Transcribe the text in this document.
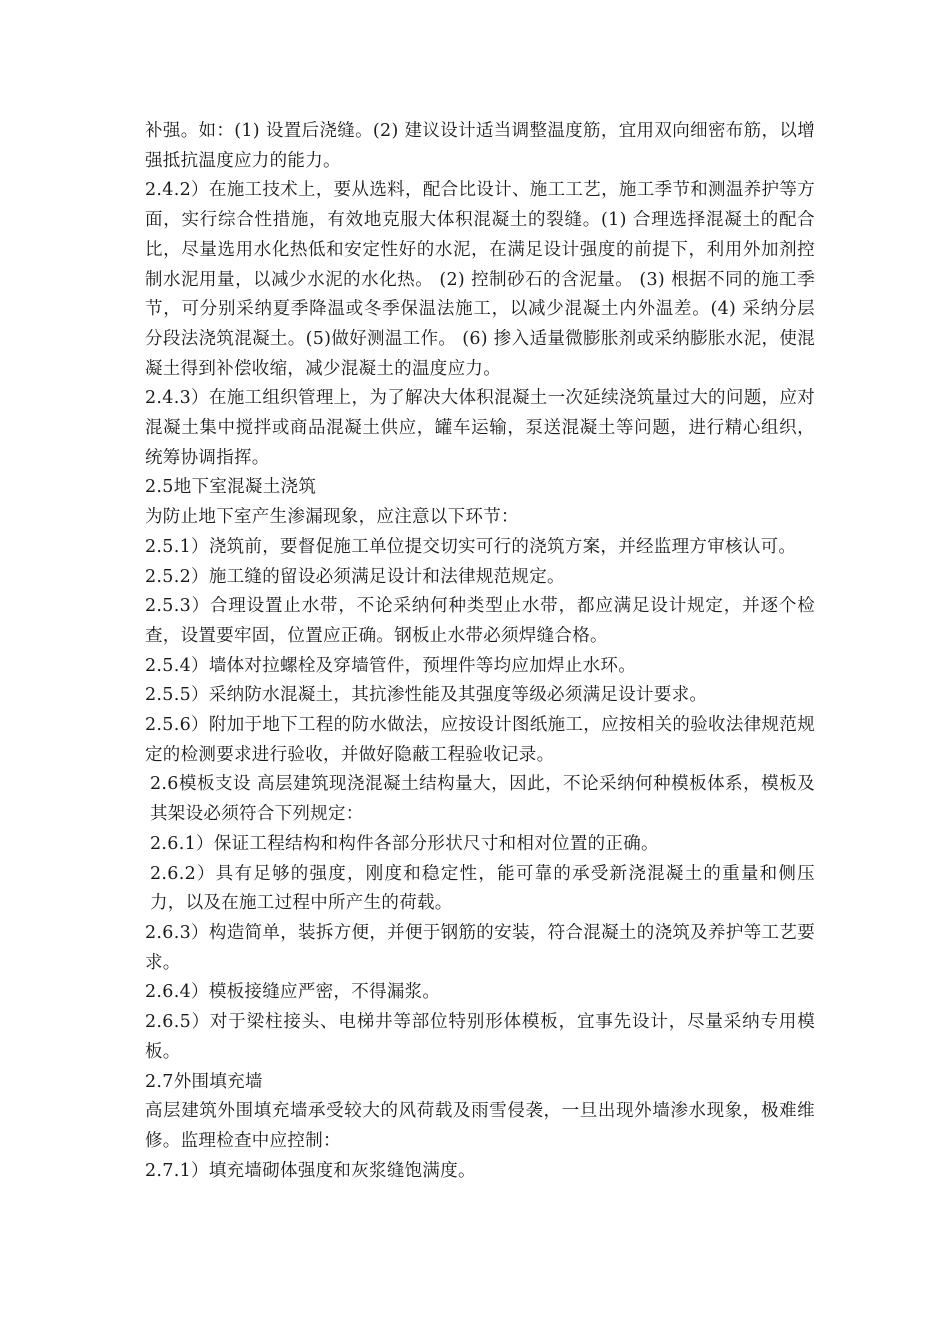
补强。如：(1) 设置后浇缝。(2) 建议设计适当调整温度筋，宜用双向细密布筋，以增强抵抗温度应力的能力。

2.4.2）在施工技术上，要从选料，配合比设计、施工工艺，施工季节和测温养护等方面，实行综合性措施，有效地克服大体积混凝土的裂缝。(1) 合理选择混凝土的配合比，尽量选用水化热低和安定性好的水泥，在满足设计强度的前提下，利用外加剂控制水泥用量，以减少水泥的水化热。 (2) 控制砂石的含泥量。 (3) 根据不同的施工季节，可分别采纳夏季降温或冬季保温法施工，以减少混凝土内外温差。(4) 采纳分层分段法浇筑混凝土。(5)做好测温工作。 (6) 掺入适量微膨胀剂或采纳膨胀水泥，使混凝土得到补偿收缩，减少混凝土的温度应力。

2.4.3）在施工组织管理上，为了解决大体积混凝土一次延续浇筑量过大的问题，应对混凝土集中搅拌或商品混凝土供应，罐车运输，泵送混凝土等问题，进行精心组织，统筹协调指挥。

2.5地下室混凝土浇筑

为防止地下室产生渗漏现象，应注意以下环节：

2.5.1）浇筑前，要督促施工单位提交切实可行的浇筑方案，并经监理方审核认可。

2.5.2）施工缝的留设必须满足设计和法律规范规定。

2.5.3）合理设置止水带，不论采纳何种类型止水带，都应满足设计规定，并逐个检查，设置要牢固，位置应正确。钢板止水带必须焊缝合格。

2.5.4）墙体对拉螺栓及穿墙管件，预埋件等均应加焊止水环。

2.5.5）采纳防水混凝土，其抗渗性能及其强度等级必须满足设计要求。

2.5.6）附加于地下工程的防水做法，应按设计图纸施工，应按相关的验收法律规范规定的检测要求进行验收，并做好隐蔽工程验收记录。

2.6模板支设 高层建筑现浇混凝土结构量大，因此，不论采纳何种模板体系，模板及其架设必须符合下列规定：

2.6.1）保证工程结构和构件各部分形状尺寸和相对位置的正确。

2.6.2）具有足够的强度，刚度和稳定性，能可靠的承受新浇混凝土的重量和侧压力，以及在施工过程中所产生的荷载。

2.6.3）构造简单，装拆方便，并便于钢筋的安装，符合混凝土的浇筑及养护等工艺要求。

2.6.4）模板接缝应严密，不得漏浆。

2.6.5）对于梁柱接头、电梯井等部位特别形体模板，宜事先设计，尽量采纳专用模板。

2.7外围填充墙

高层建筑外围填充墙承受较大的风荷载及雨雪侵袭，一旦出现外墙渗水现象，极难维修。监理检查中应控制：

2.7.1）填充墙砌体强度和灰浆缝饱满度。
